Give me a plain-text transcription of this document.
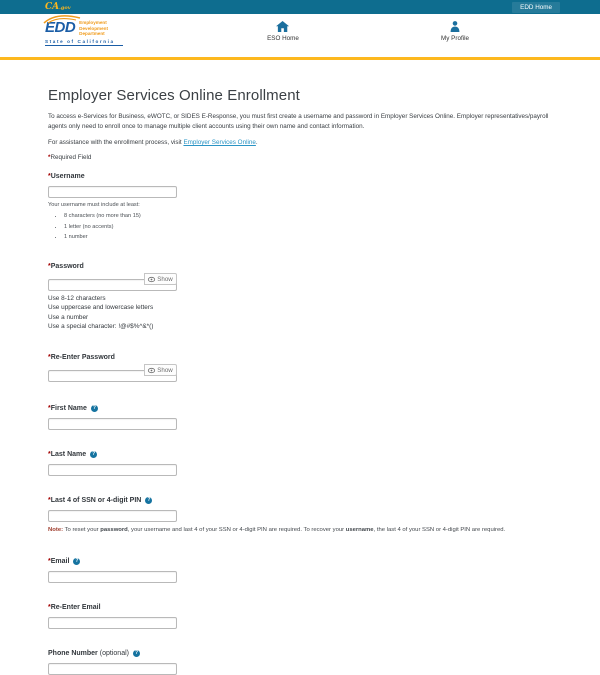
CA.gov	EDD Home
EDD Employment
Development
Department
State of California	ESO Home	My Profile
Employer Services Online Enrollment

To access e-Services for Business, eWOTC, or SIDES E-Response, you must first create a username and password in Employer Services Online. Employer representatives/payroll agents only need to enroll once to manage multiple client accounts using their own name and contact information.

For assistance with the enrollment process, visit Employer Services Online.

*Required Field

* Username
Your username must include at least:
• 8 characters (no more than 15)
• 1 letter (no accents)
• 1 number
* Password
Show
Use 8-12 characters
Use uppercase and lowercase letters
Use a number
Use a special character: !@#$%^&*()
* Re-Enter Password
Show
* First Name	?
* Last Name	?
* Last 4 of SSN or 4-digit PIN	?
Note: To reset your password, your username and last 4 of your SSN or 4-digit PIN are required. To recover your username, the last 4 of your SSN or 4-digit PIN are required.
* Email	?
* Re-Enter Email
Phone Number (optional)	?
